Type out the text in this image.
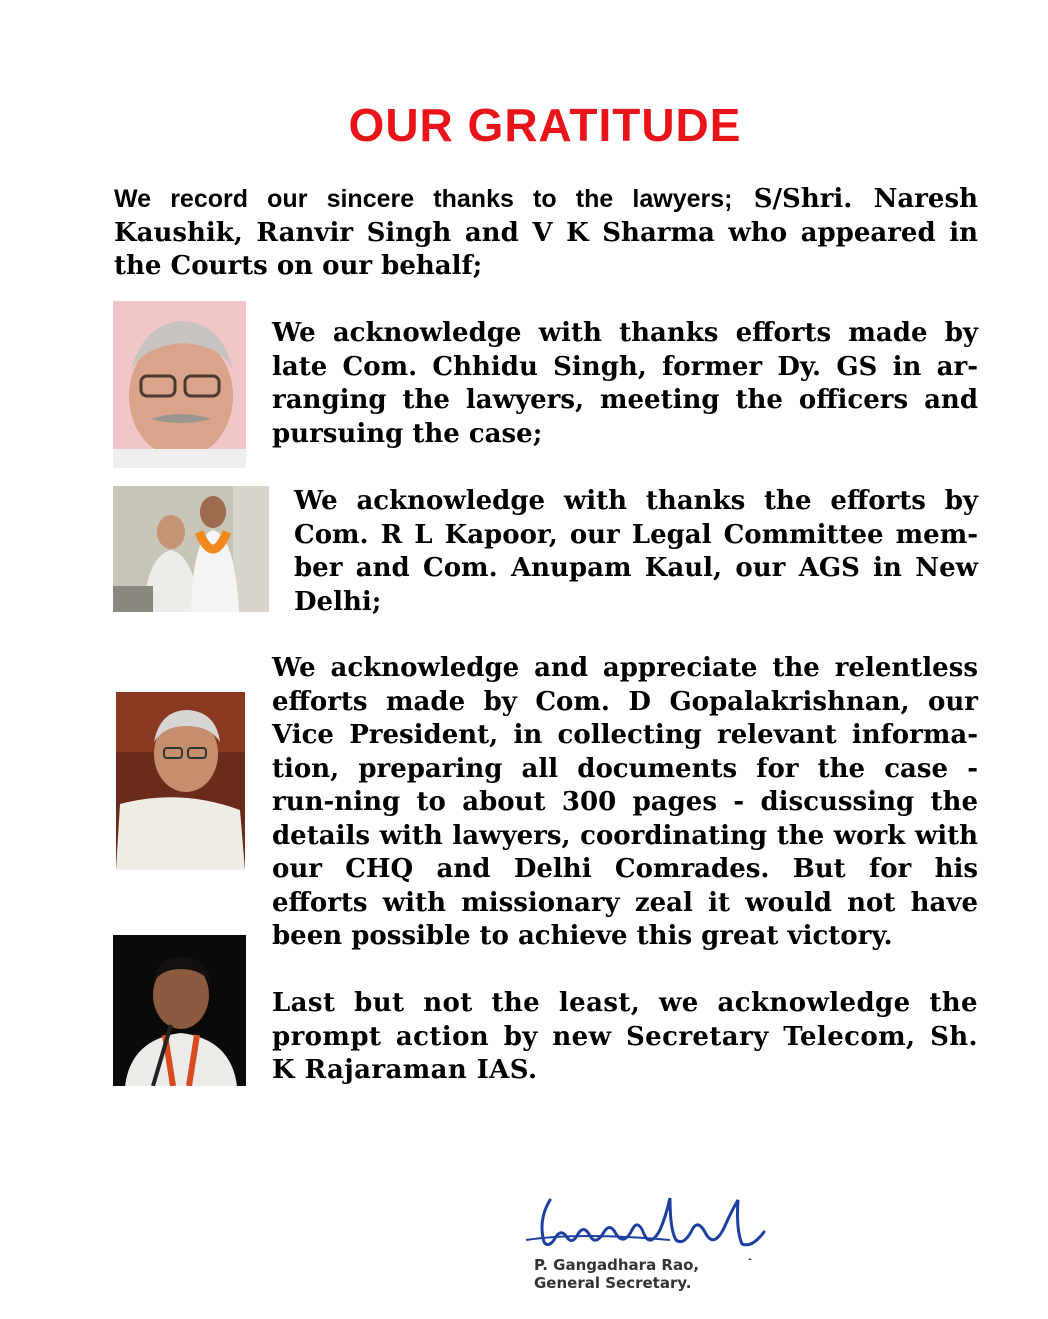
OUR GRATITUDE

We record our sincere thanks to the lawyers; S/Shri. Naresh Kaushik, Ranvir Singh and V K Sharma who appeared in the Courts on our behalf;

We acknowledge with thanks efforts made by late Com. Chhidu Singh, former Dy. GS in ar-ranging the lawyers, meeting the officers and pursuing the case;

We acknowledge with thanks the efforts by Com. R L Kapoor, our Legal Committee mem-ber and Com. Anupam Kaul, our AGS in New Delhi;

We acknowledge and appreciate the relentless efforts made by Com. D Gopalakrishnan, our Vice President, in collecting relevant informa-tion, preparing all documents for the case - run-ning to about 300 pages - discussing the details with lawyers, coordinating the work with our CHQ and Delhi Comrades. But for his efforts with missionary zeal it would not have been possible to achieve this great victory.

Last but not the least, we acknowledge the prompt action by new Secretary Telecom, Sh. K Rajaraman IAS.

P. Gangadhara Rao,
General Secretary.
